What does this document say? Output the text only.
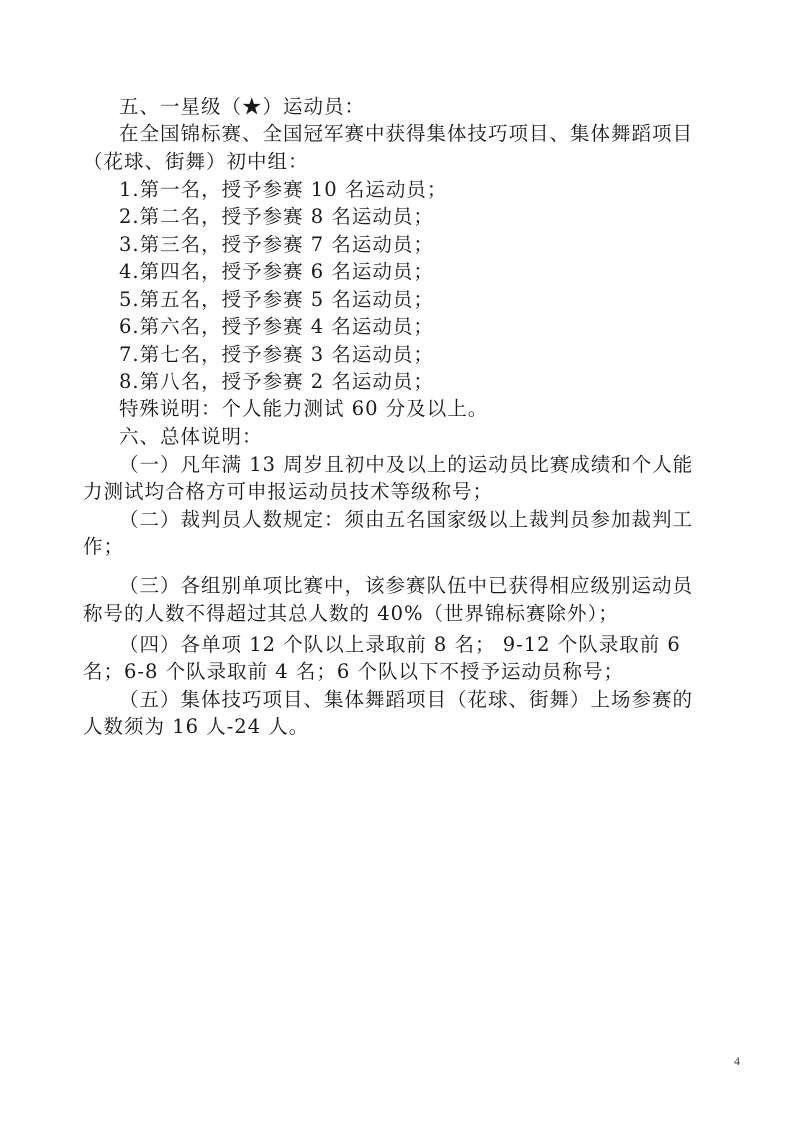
五、一星级（★）运动员：
在全国锦标赛、全国冠军赛中获得集体技巧项目、集体舞蹈项目
（花球、街舞）初中组：
1.第一名，授予参赛 10 名运动员；
2.第二名，授予参赛 8 名运动员；
3.第三名，授予参赛 7 名运动员；
4.第四名，授予参赛 6 名运动员；
5.第五名，授予参赛 5 名运动员；
6.第六名，授予参赛 4 名运动员；
7.第七名，授予参赛 3 名运动员；
8.第八名，授予参赛 2 名运动员；
特殊说明：个人能力测试 60 分及以上。
六、总体说明：
（一）凡年满 13 周岁且初中及以上的运动员比赛成绩和个人能
力测试均合格方可申报运动员技术等级称号；
（二）裁判员人数规定：须由五名国家级以上裁判员参加裁判工
作；
（三）各组别单项比赛中，该参赛队伍中已获得相应级别运动员
称号的人数不得超过其总人数的 40%（世界锦标赛除外）；
（四）各单项 12 个队以上录取前 8 名； 9-12 个队录取前 6
名；6-8 个队录取前 4 名；6 个队以下不授予运动员称号；
（五）集体技巧项目、集体舞蹈项目（花球、街舞）上场参赛的
人数须为 16 人-24 人。
4
